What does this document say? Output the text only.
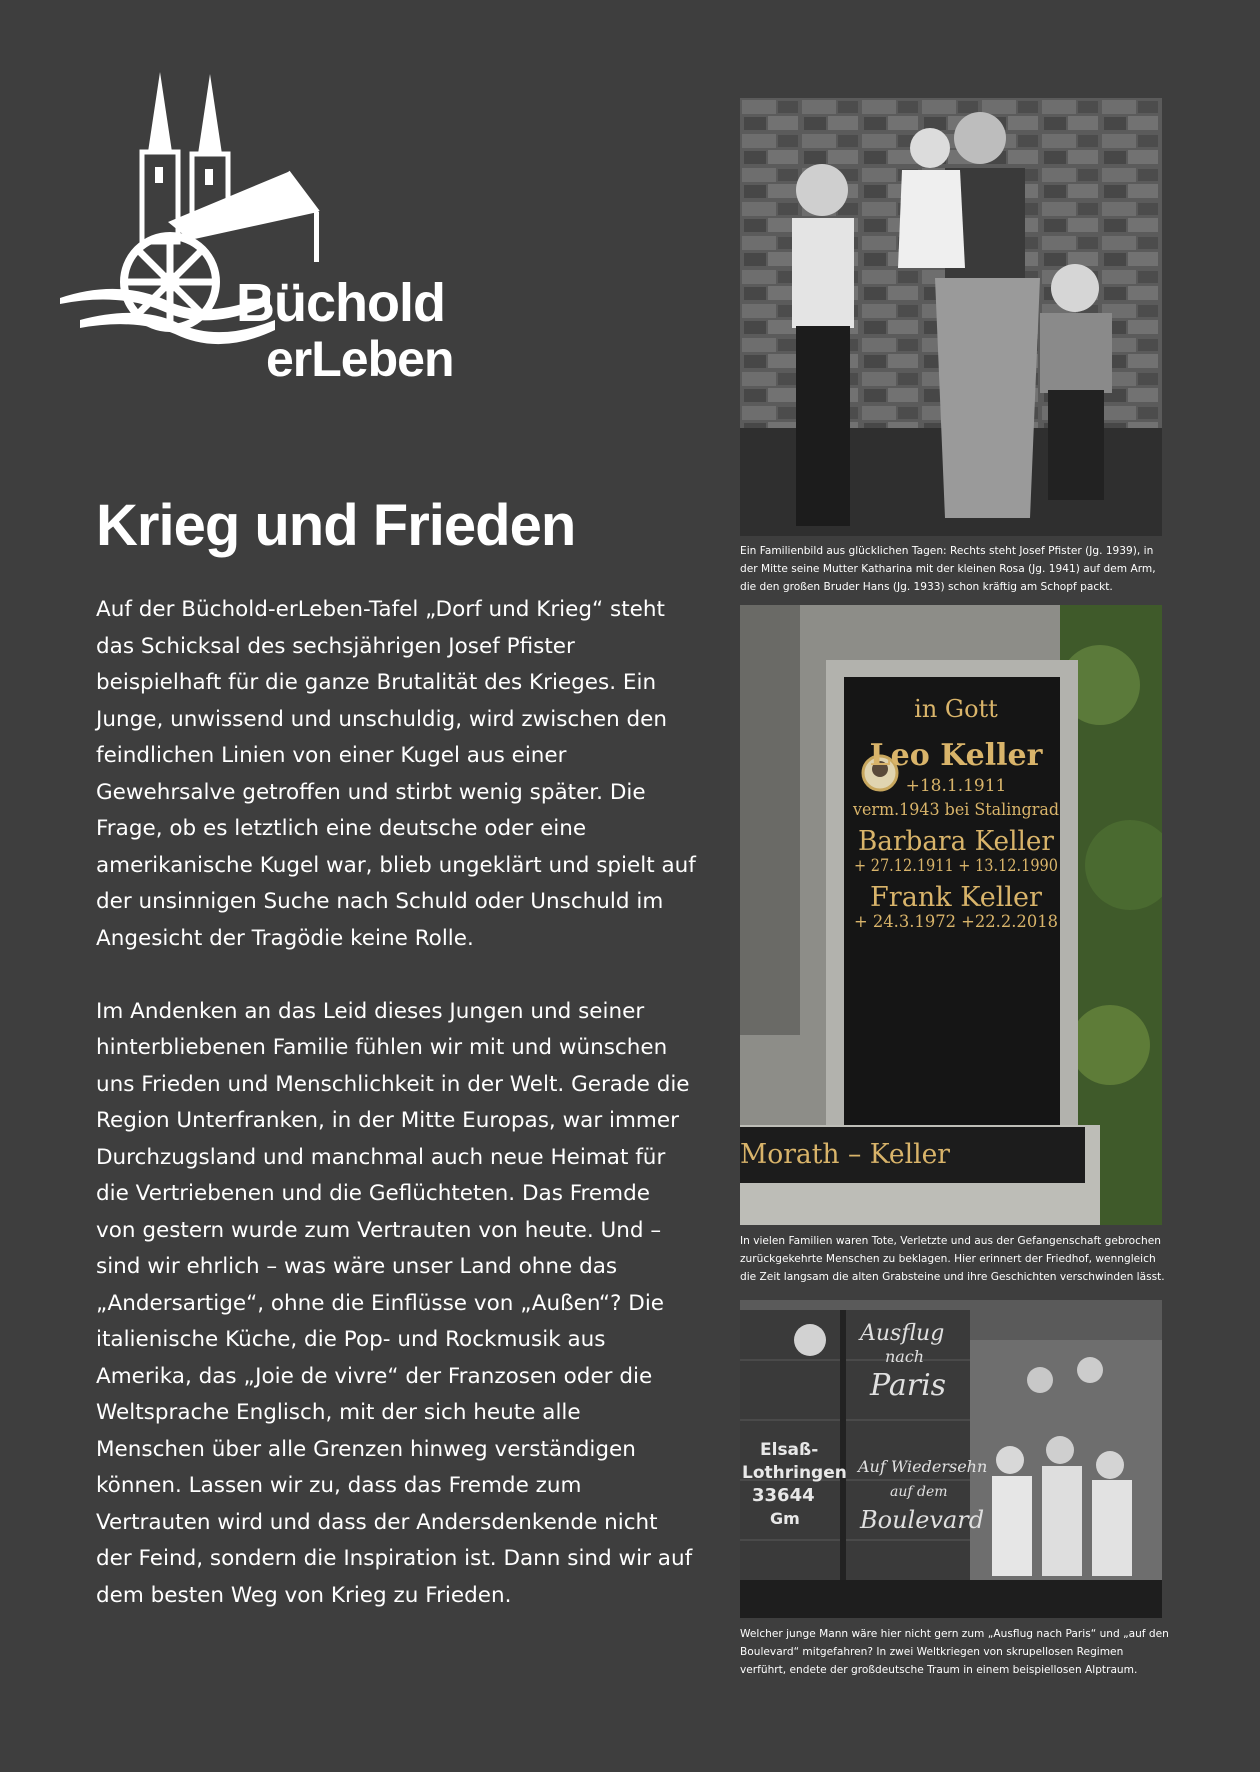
Büchold
erLeben
Krieg und Frieden

Auf der Büchold-erLeben-Tafel „Dorf und Krieg“ steht das Schicksal des sechsjährigen Josef Pfister beispielhaft für die ganze Brutalität des Krieges. Ein Junge, unwissend und unschuldig, wird zwischen den feindlichen Linien von einer Kugel aus einer Gewehrsalve getroffen und stirbt wenig später. Die Frage, ob es letztlich eine deutsche oder eine amerikanische Kugel war, blieb ungeklärt und spielt auf der unsinnigen Suche nach Schuld oder Unschuld im Angesicht der Tragödie keine Rolle.

Im Andenken an das Leid dieses Jungen und seiner hinterbliebenen Familie fühlen wir mit und wünschen uns Frieden und Menschlichkeit in der Welt. Gerade die Region Unterfranken, in der Mitte Europas, war immer Durchzugsland und manchmal auch neue Heimat für die Vertriebenen und die Geflüchteten. Das Fremde von gestern wurde zum Vertrauten von heute. Und – sind wir ehrlich – was wäre unser Land ohne das „Andersartige“, ohne die Einflüsse von „Außen“? Die italienische Küche, die Pop- und Rockmusik aus Amerika, das „Joie de vivre“ der Franzosen oder die Weltsprache Englisch, mit der sich heute alle Menschen über alle Grenzen hinweg verständigen können. Lassen wir zu, dass das Fremde zum Vertrauten wird und dass der Andersdenkende nicht der Feind, sondern die Inspiration ist. Dann sind wir auf dem besten Weg von Krieg zu Frieden.

Ein Familienbild aus glücklichen Tagen: Rechts steht Josef Pfister (Jg. 1939), in der Mitte seine Mutter Katharina mit der kleinen Rosa (Jg. 1941) auf dem Arm, die den großen Bruder Hans (Jg. 1933) schon kräftig am Schopf packt.

in Gott
Leo Keller
+18.1.1911
verm.1943 bei Stalingrad
Barbara Keller
+ 27.12.1911 + 13.12.1990
Frank Keller
+ 24.3.1972 +22.2.2018
Morath – Keller

In vielen Familien waren Tote, Verletzte und aus der Gefangenschaft gebrochen zurückgekehrte Menschen zu beklagen. Hier erinnert der Friedhof, wenngleich die Zeit langsam die alten Grabsteine und ihre Geschichten verschwinden lässt.

Ausflug
nach
Paris
Elsaß-
Lothringen
33644
Gm
Auf Wiedersehn
auf dem
Boulevard

Welcher junge Mann wäre hier nicht gern zum „Ausflug nach Paris“ und „auf den Boulevard“ mitgefahren? In zwei Weltkriegen von skrupellosen Regimen verführt, endete der großdeutsche Traum in einem beispiellosen Alptraum.
